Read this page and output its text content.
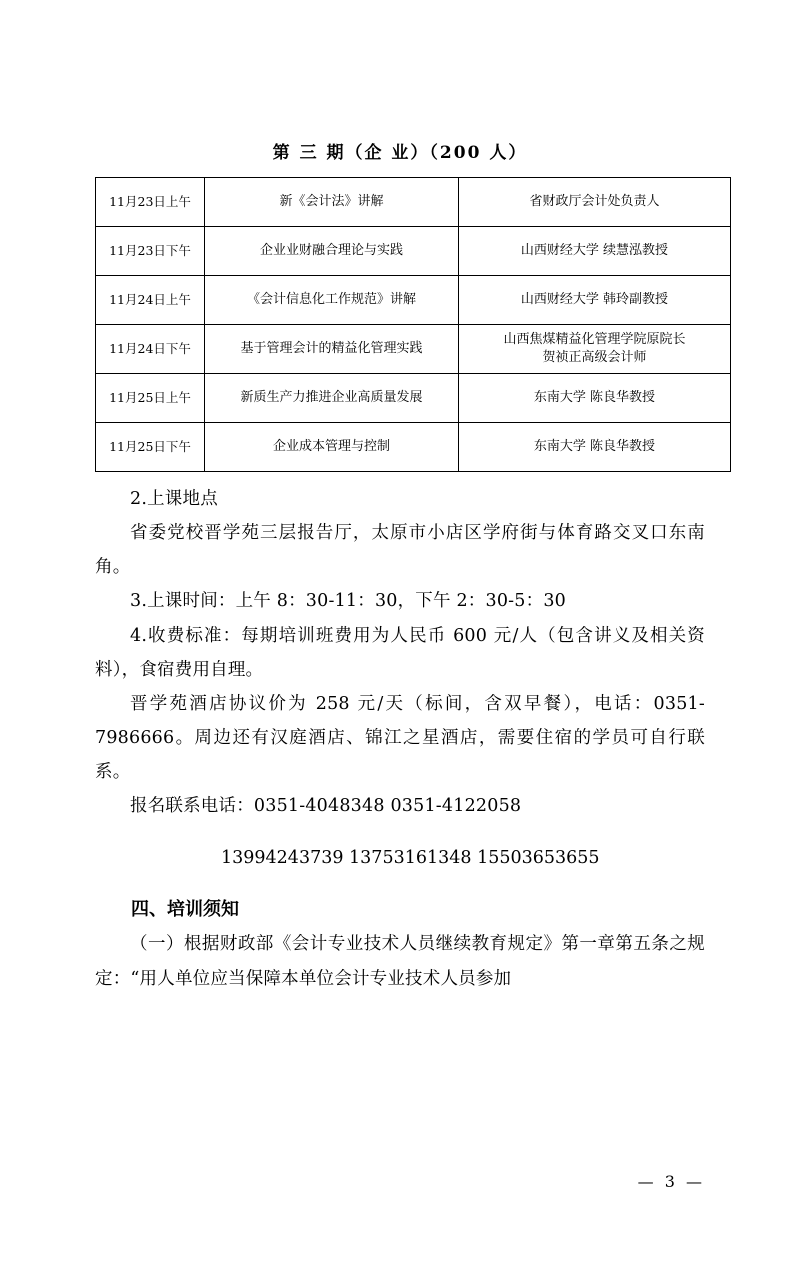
第 三 期（企 业）（200 人）
11月23日上午	新《会计法》讲解	省财政厅会计处负责人
11月23日下午	企业业财融合理论与实践	山西财经大学 续慧泓教授
11月24日上午	《会计信息化工作规范》讲解	山西财经大学 韩玲副教授
11月24日下午	基于管理会计的精益化管理实践	山西焦煤精益化管理学院原院长
贺祯正高级会计师
11月25日上午	新质生产力推进企业高质量发展	东南大学 陈良华教授
11月25日下午	企业成本管理与控制	东南大学 陈良华教授

2.上课地点

省委党校晋学苑三层报告厅，太原市小店区学府街与体育路交叉口东南角。

3.上课时间：上午 8：30-11：30，下午 2：30-5：30

4.收费标准：每期培训班费用为人民币 600 元/人（包含讲义及相关资料），食宿费用自理。

晋学苑酒店协议价为 258 元/天（标间，含双早餐），电话：0351-7986666。周边还有汉庭酒店、锦江之星酒店，需要住宿的学员可自行联系。

报名联系电话：0351-4048348 0351-4122058

13994243739 13753161348 15503653655

四、培训须知

（一）根据财政部《会计专业技术人员继续教育规定》第一章第五条之规定：“用人单位应当保障本单位会计专业技术人员参加

— 3 —
